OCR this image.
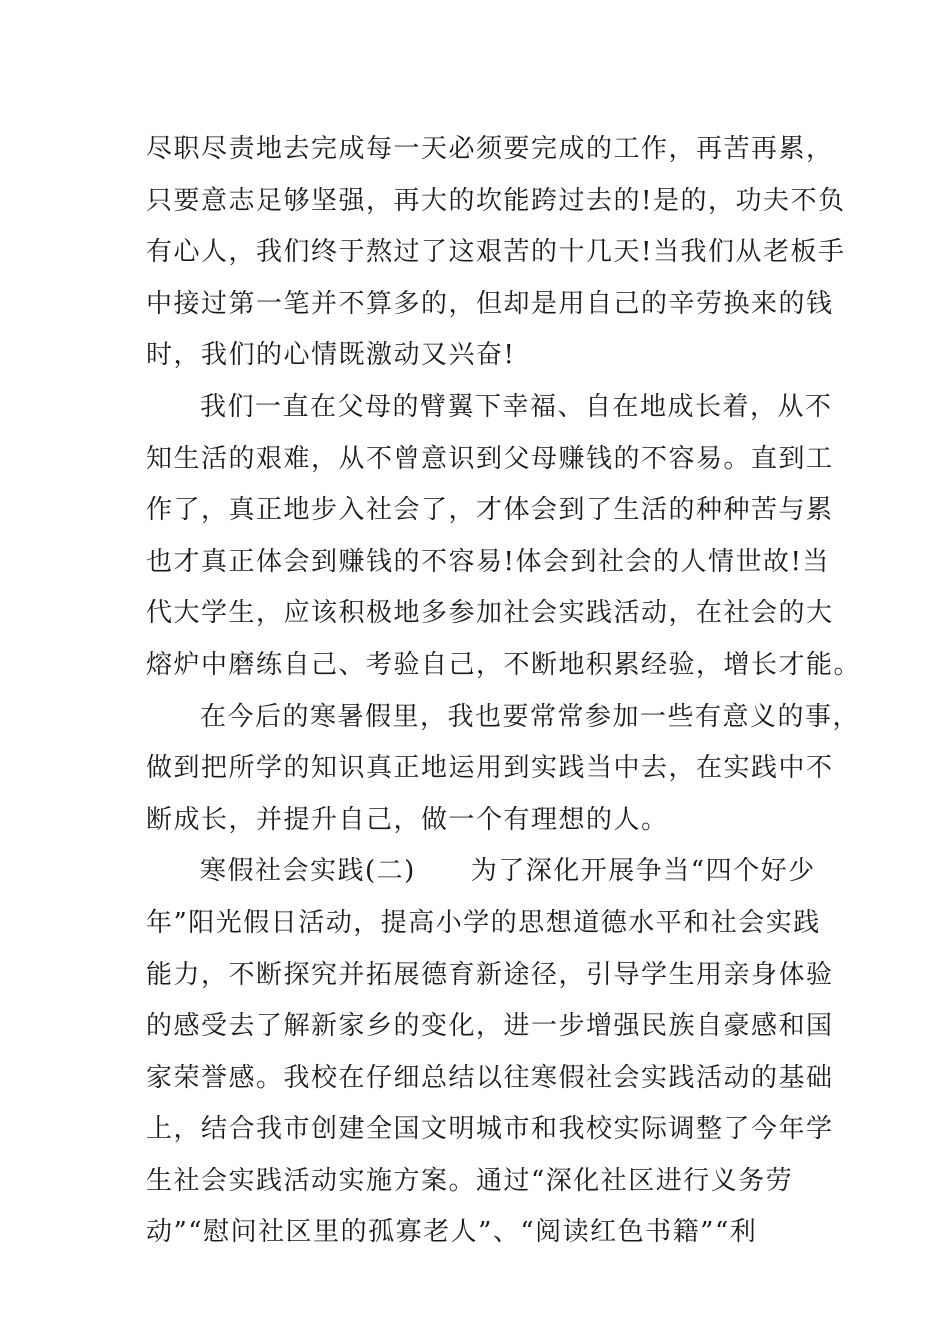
尽职尽责地去完成每一天必须要完成的工作，再苦再累，
只要意志足够坚强，再大的坎能跨过去的!是的，功夫不负
有心人，我们终于熬过了这艰苦的十几天!当我们从老板手
中接过第一笔并不算多的，但却是用自己的辛劳换来的钱
时，我们的心情既激动又兴奋!
我们一直在父母的臂翼下幸福、自在地成长着，从不
知生活的艰难，从不曾意识到父母赚钱的不容易。直到工
作了，真正地步入社会了，才体会到了生活的种种苦与累
也才真正体会到赚钱的不容易!体会到社会的人情世故!当
代大学生，应该积极地多参加社会实践活动，在社会的大
熔炉中磨练自己、考验自己，不断地积累经验，增长才能。
在今后的寒暑假里，我也要常常参加一些有意义的事，
做到把所学的知识真正地运用到实践当中去，在实践中不
断成长，并提升自己，做一个有理想的人。
寒假社会实践(二)　　为了深化开展争当“四个好少
年”阳光假日活动，提高小学的思想道德水平和社会实践
能力，不断探究并拓展德育新途径，引导学生用亲身体验
的感受去了解新家乡的变化，进一步增强民族自豪感和国
家荣誉感。我校在仔细总结以往寒假社会实践活动的基础
上，结合我市创建全国文明城市和我校实际调整了今年学
生社会实践活动实施方案。通过“深化社区进行义务劳
动”“慰问社区里的孤寡老人”、“阅读红色书籍”“利
